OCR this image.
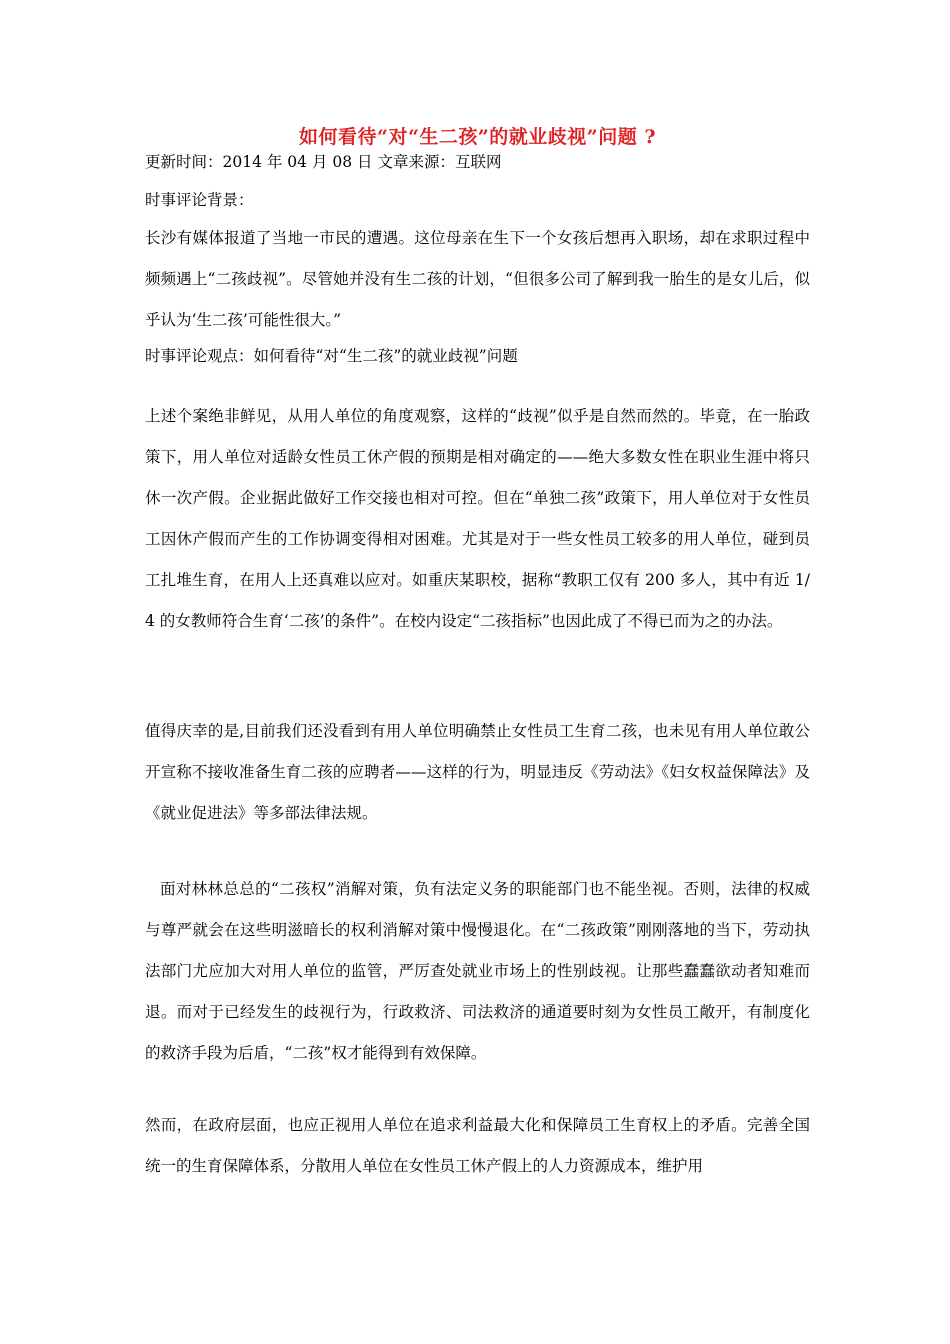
如何看待“对“生二孩”的就业歧视”问题 ?
更新时间：2014 年 04 月 08 日 文章来源：互联网
时事评论背景：
长沙有媒体报道了当地一市民的遭遇。这位母亲在生下一个女孩后想再入职场，却在求职过程中频频遇上“二孩歧视”。尽管她并没有生二孩的计划，“但很多公司了解到我一胎生的是女儿后，似乎认为‘生二孩’可能性很大。”
时事评论观点：如何看待“对“生二孩”的就业歧视”问题
上述个案绝非鲜见，从用人单位的角度观察，这样的“歧视”似乎是自然而然的。毕竟，在一胎政策下，用人单位对适龄女性员工休产假的预期是相对确定的——绝大多数女性在职业生涯中将只休一次产假。企业据此做好工作交接也相对可控。但在“单独二孩”政策下，用人单位对于女性员工因休产假而产生的工作协调变得相对困难。尤其是对于一些女性员工较多的用人单位，碰到员工扎堆生育，在用人上还真难以应对。如重庆某职校，据称“教职工仅有 200 多人，其中有近 1/4 的女教师符合生育‘二孩’的条件”。在校内设定“二孩指标”也因此成了不得已而为之的办法。
值得庆幸的是,目前我们还没看到有用人单位明确禁止女性员工生育二孩，也未见有用人单位敢公开宣称不接收准备生育二孩的应聘者——这样的行为，明显违反《劳动法》《妇女权益保障法》及《就业促进法》等多部法律法规。
面对林林总总的“二孩权”消解对策，负有法定义务的职能部门也不能坐视。否则，法律的权威与尊严就会在这些明滋暗长的权利消解对策中慢慢退化。在“二孩政策”刚刚落地的当下，劳动执法部门尤应加大对用人单位的监管，严厉查处就业市场上的性别歧视。让那些蠢蠢欲动者知难而退。而对于已经发生的歧视行为，行政救济、司法救济的通道要时刻为女性员工敞开，有制度化的救济手段为后盾，“二孩”权才能得到有效保障。
然而，在政府层面，也应正视用人单位在追求利益最大化和保障员工生育权上的矛盾。完善全国统一的生育保障体系，分散用人单位在女性员工休产假上的人力资源成本，维护用
